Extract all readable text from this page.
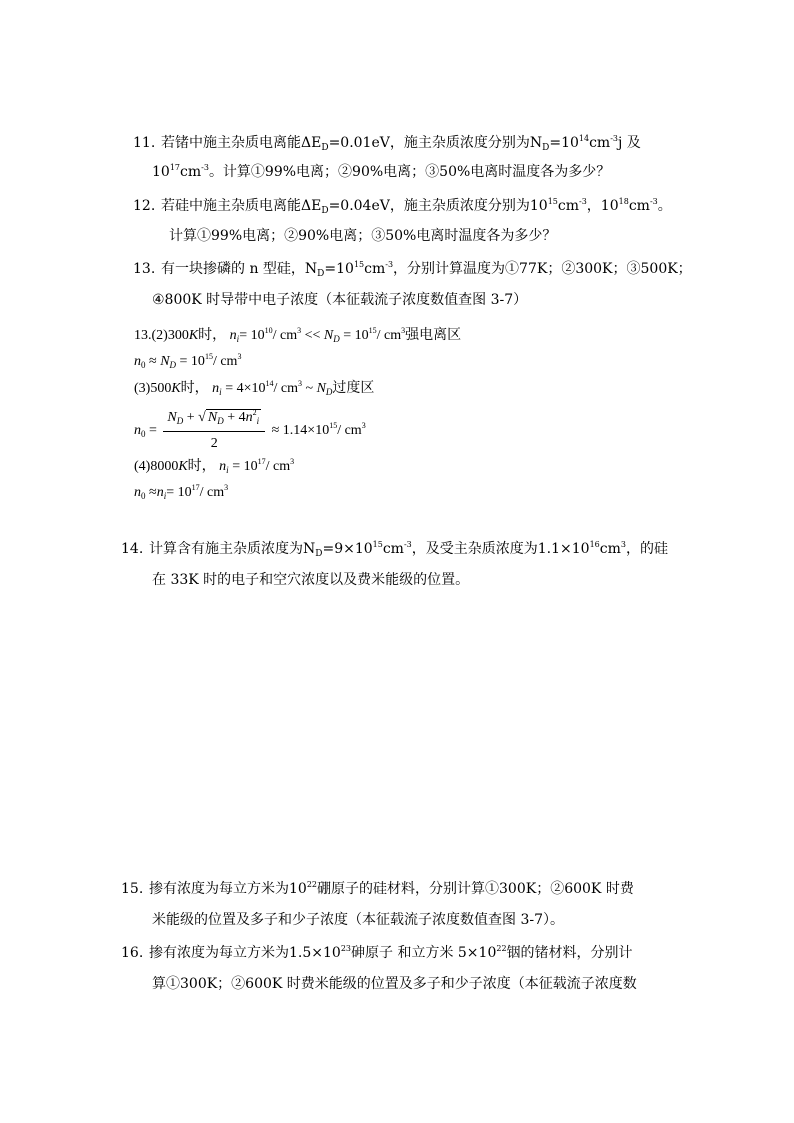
11. 若锗中施主杂质电离能$\Delta E_D=0.01eV$，施主杂质浓度分别为$N_D=10^{14}cm^{-3}j$ 及
$10^{17}cm^{-3}$。计算①99%电离；②90%电离；③50%电离时温度各为多少？
12. 若硅中施主杂质电离能$\Delta E_D=0.04eV$，施主杂质浓度分别为$10^{15}cm^{-3}$，$10^{18}cm^{-3}$。
计算①99%电离；②90%电离；③50%电离时温度各为多少？
13. 有一块掺磷的 n 型硅，$N_D=10^{15}cm^{-3}$，分别计算温度为①77K；②300K；③500K；
④800K 时导带中电子浓度（本征载流子浓度数值查图 3-7）
13.(2)300K时， $n_i= 10^{10}/$ $cm^3 << N_D = 10^{15}/$ $cm^3$强电离区
$n_0 \approx N_D = 10^{15}/$ $cm^3$
(3)500K时， $n_i = 4\times 10^{14}/$ $cm^3$ ~ $N_D$过度区
$n_0 = \frac{N_D + √ N_D + 4n^2_i}{2} \approx 1.14\times 10^{15}/$ $cm^3$
(4)8000K时， $n_i = 10^{17}/$ $cm^3$
$n_0 \approx n_i= 10^{17}/$ $cm^3$
14. 计算含有施主杂质浓度为$N_D=9\times 10^{15}cm^{-3}$，及受主杂质浓度为$1.1\times 10^{16}cm^3$，的硅
在 33K 时的电子和空穴浓度以及费米能级的位置。
15. 掺有浓度为每立方米为$10^{22}$硼原子的硅材料，分别计算①300K；②600K 时费
米能级的位置及多子和少子浓度（本征载流子浓度数值查图 3-7）。
16. 掺有浓度为每立方米为$1.5\times 10^{23}$砷原子 和立方米 $5\times 10^{22}$铟的锗材料，分别计
算①300K；②600K 时费米能级的位置及多子和少子浓度（本征载流子浓度数
